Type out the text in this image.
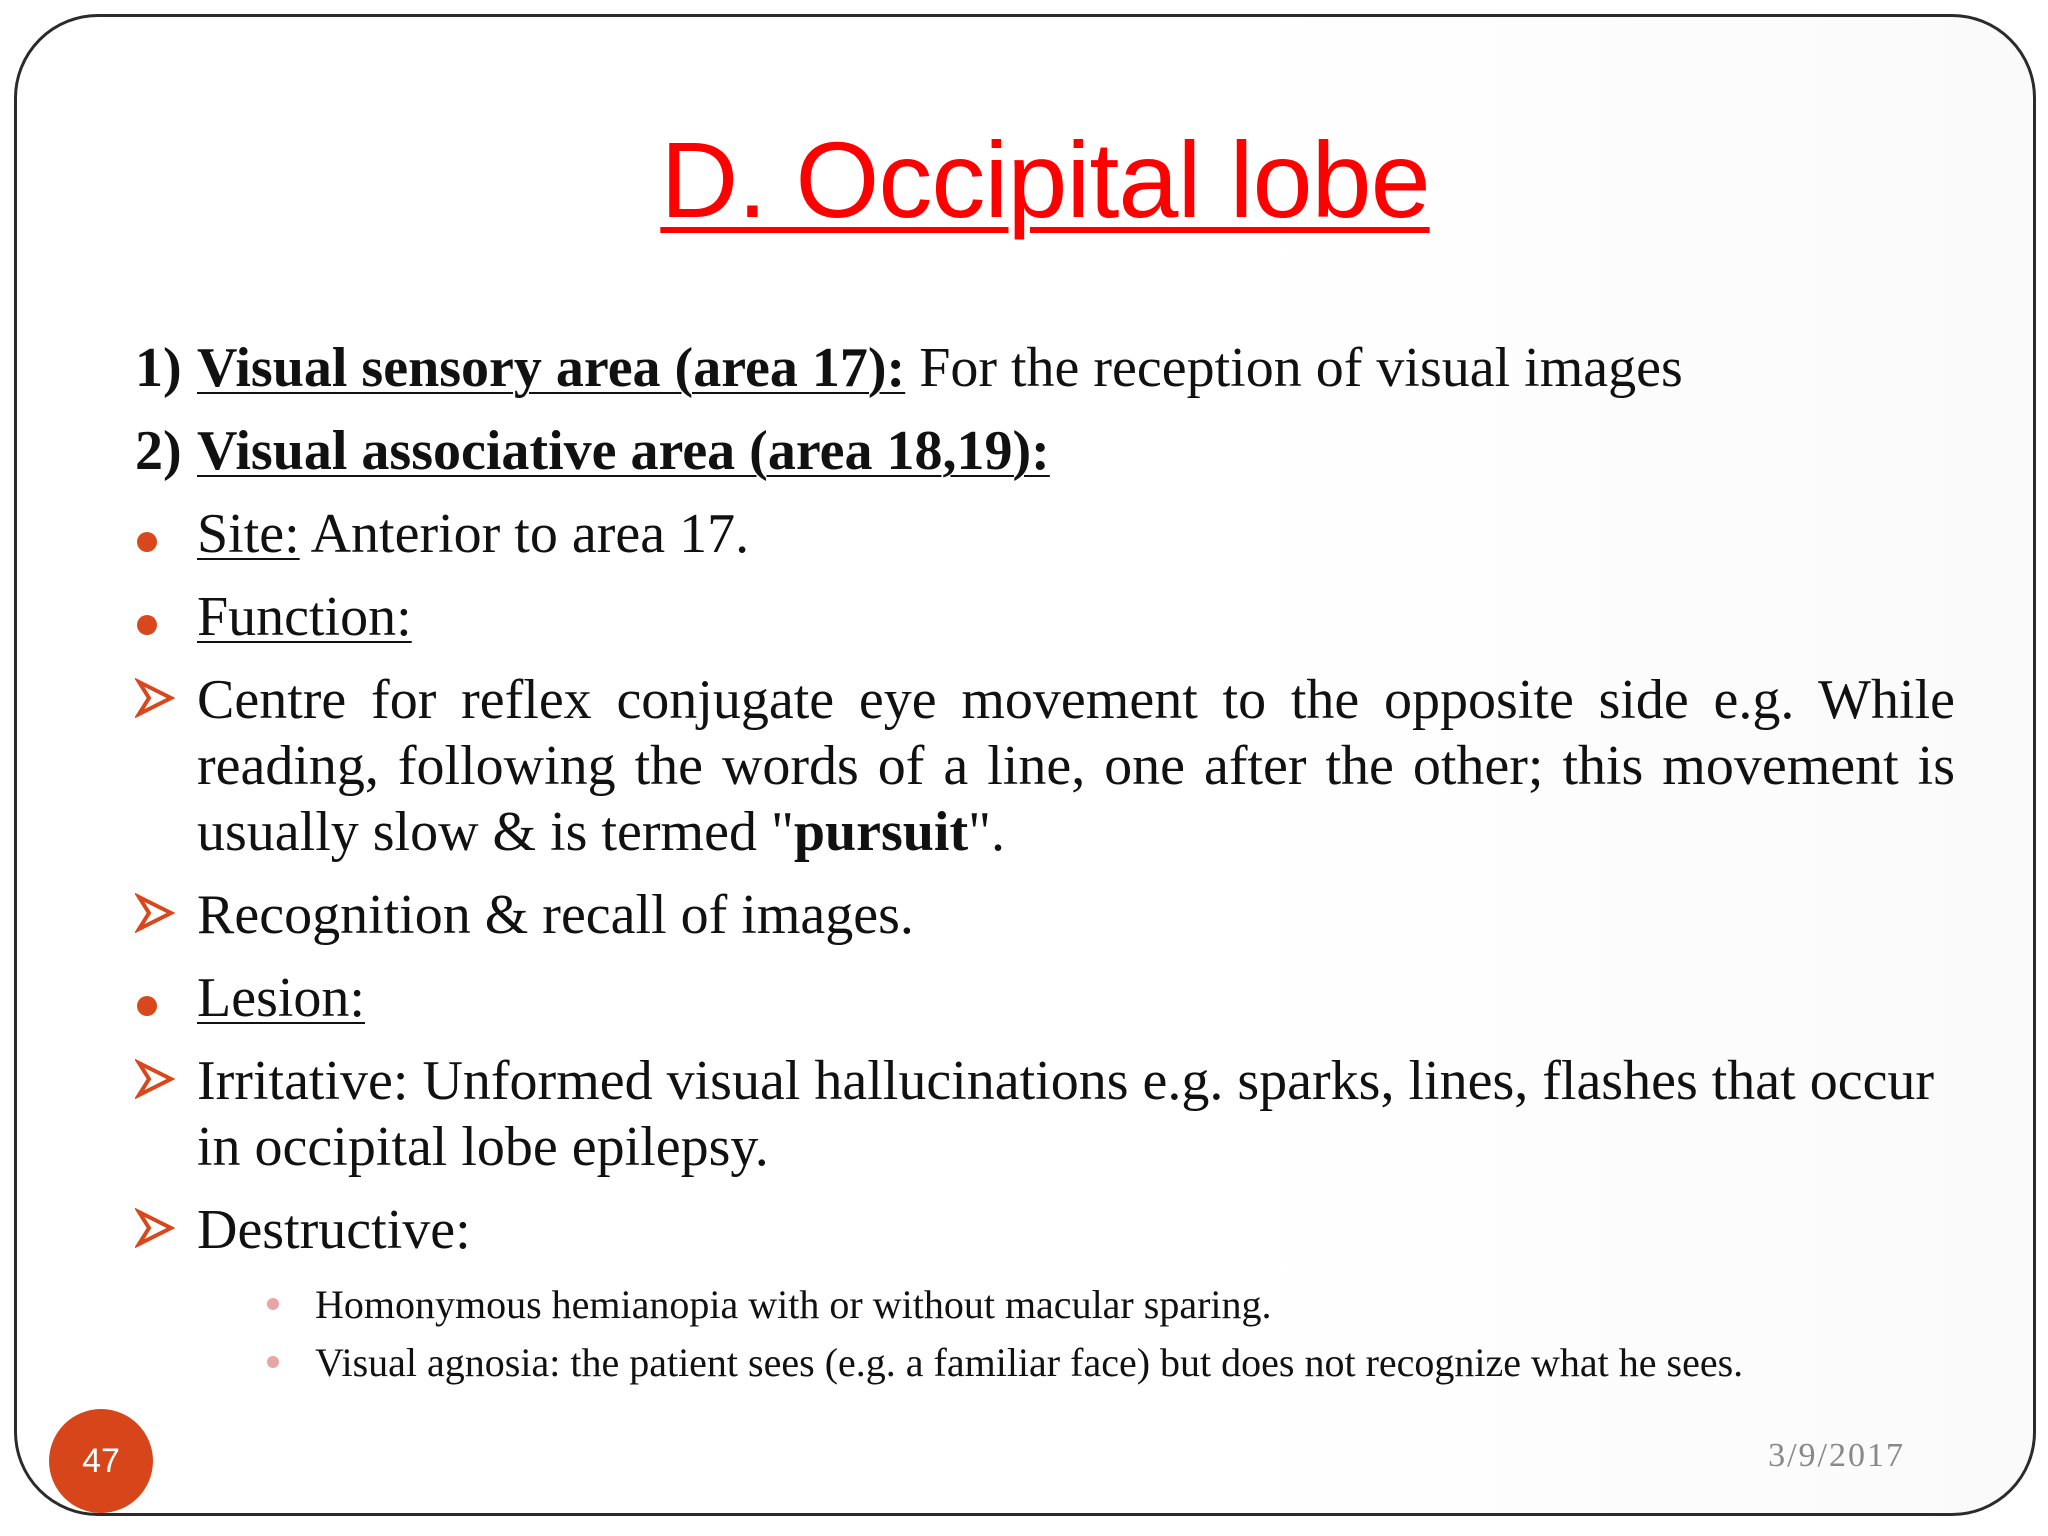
D. Occipital lobe
1) Visual sensory area (area 17): For the reception of visual images
2) Visual associative area (area 18,19):
Site: Anterior to area 17.
Function:
Centre for reflex conjugate eye movement to the opposite side e.g. While reading, following the words of a line, one after the other; this movement is usually slow & is termed "pursuit".
Recognition & recall of images.
Lesion:
Irritative: Unformed visual hallucinations e.g. sparks, lines, flashes that occur in occipital lobe epilepsy.
Destructive:
Homonymous hemianopia with or without macular sparing.
Visual agnosia: the patient sees (e.g. a familiar face) but does not recognize what he sees.
47	3/9/2017
